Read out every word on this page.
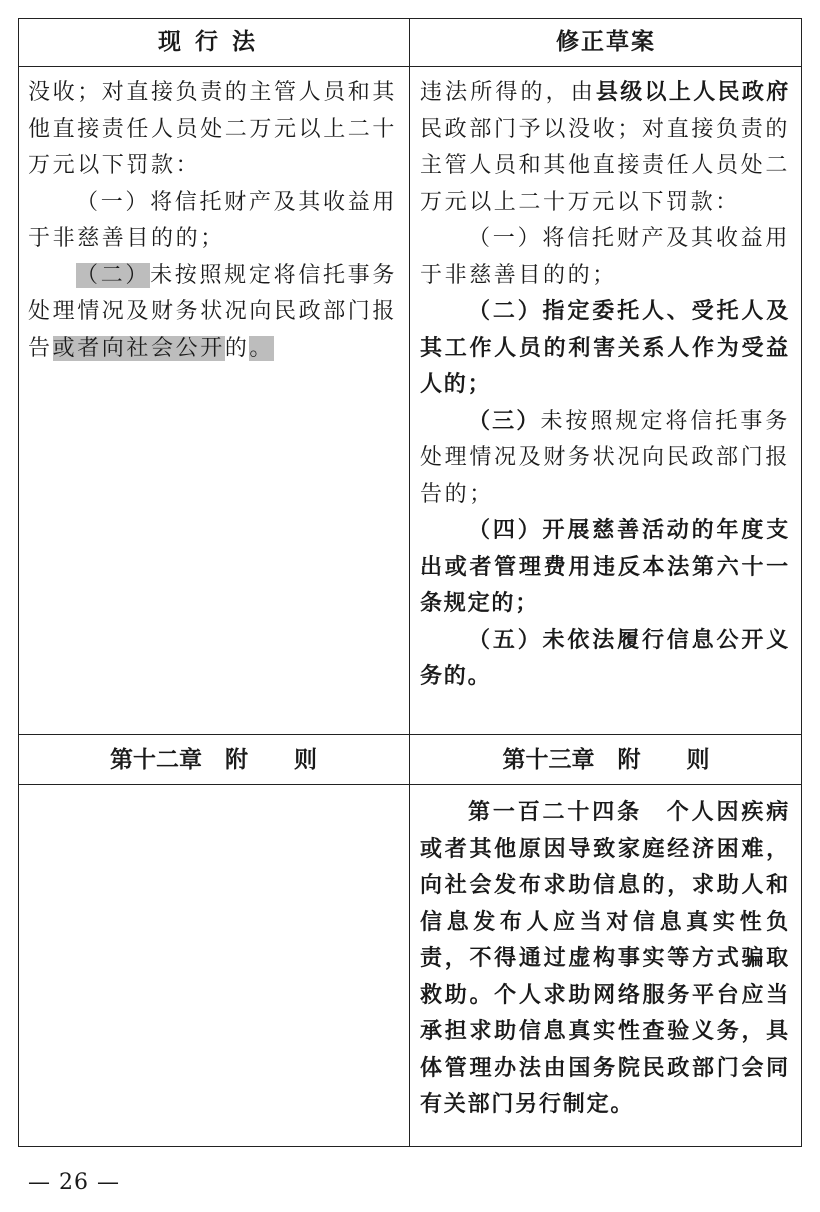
现行法	修正草案

没收；对直接负责的主管人员和其他直接责任人员处二万元以上二十万元以下罚款：

（一）将信托财产及其收益用于非慈善目的的；

（二）未按照规定将信托事务处理情况及财务状况向民政部门报告或者向社会公开的。

违法所得的，由县级以上人民政府民政部门予以没收；对直接负责的主管人员和其他直接责任人员处二万元以上二十万元以下罚款：

（一）将信托财产及其收益用于非慈善目的的；

（二）指定委托人、受托人及其工作人员的利害关系人作为受益人的；

（三）未按照规定将信托事务处理情况及财务状况向民政部门报告的；

（四）开展慈善活动的年度支出或者管理费用违反本法第六十一条规定的；

（五）未依法履行信息公开义务的。

第十二章　附　　则	第十三章　附　　则

第一百二十四条　个人因疾病或者其他原因导致家庭经济困难，向社会发布求助信息的，求助人和信息发布人应当对信息真实性负责，不得通过虚构事实等方式骗取救助。个人求助网络服务平台应当承担求助信息真实性查验义务，具体管理办法由国务院民政部门会同有关部门另行制定。

— 26 —
